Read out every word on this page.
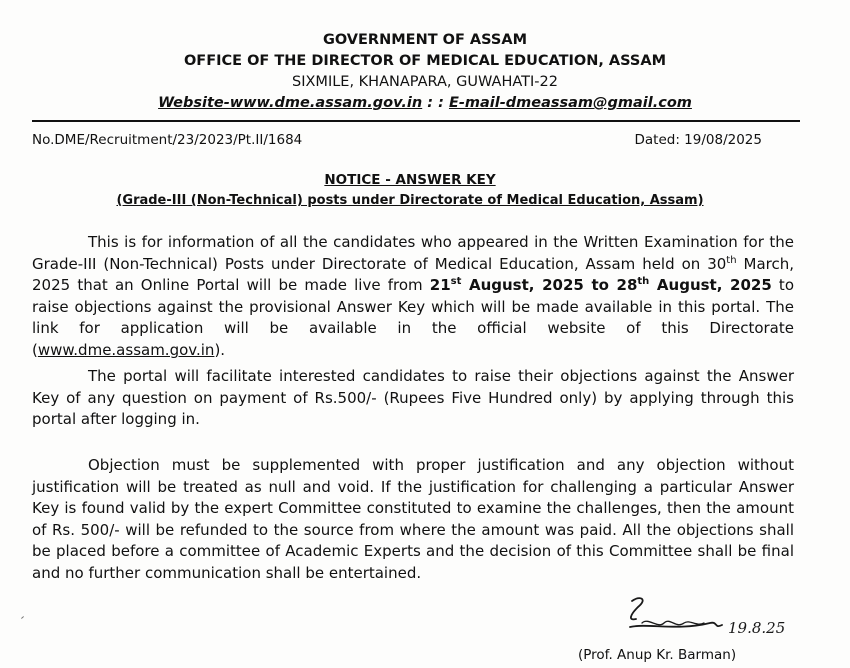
GOVERNMENT OF ASSAM
OFFICE OF THE DIRECTOR OF MEDICAL EDUCATION, ASSAM
SIXMILE, KHANAPARA, GUWAHATI-22
Website-www.dme.assam.gov.in : : E-mail-dmeassam@gmail.com
No.DME/Recruitment/23/2023/Pt.II/1684	Dated: 19/08/2025
NOTICE - ANSWER KEY
(Grade-III (Non-Technical) posts under Directorate of Medical Education, Assam)

This is for information of all the candidates who appeared in the Written Examination for the Grade-III (Non-Technical) Posts under Directorate of Medical Education, Assam held on 30th March, 2025 that an Online Portal will be made live from 21st August, 2025 to 28th August, 2025 to raise objections against the provisional Answer Key which will be made available in this portal. The link for application will be available in the official website of this Directorate (www.dme.assam.gov.in).

The portal will facilitate interested candidates to raise their objections against the Answer Key of any question on payment of Rs.500/- (Rupees Five Hundred only) by applying through this portal after logging in.

Objection must be supplemented with proper justification and any objection without justification will be treated as null and void. If the justification for challenging a particular Answer Key is found valid by the expert Committee constituted to examine the challenges, then the amount of Rs. 500/- will be refunded to the source from where the amount was paid. All the objections shall be placed before a committee of Academic Experts and the decision of this Committee shall be final and no further communication shall be entertained.

19.8.25
(Prof. Anup Kr. Barman)
